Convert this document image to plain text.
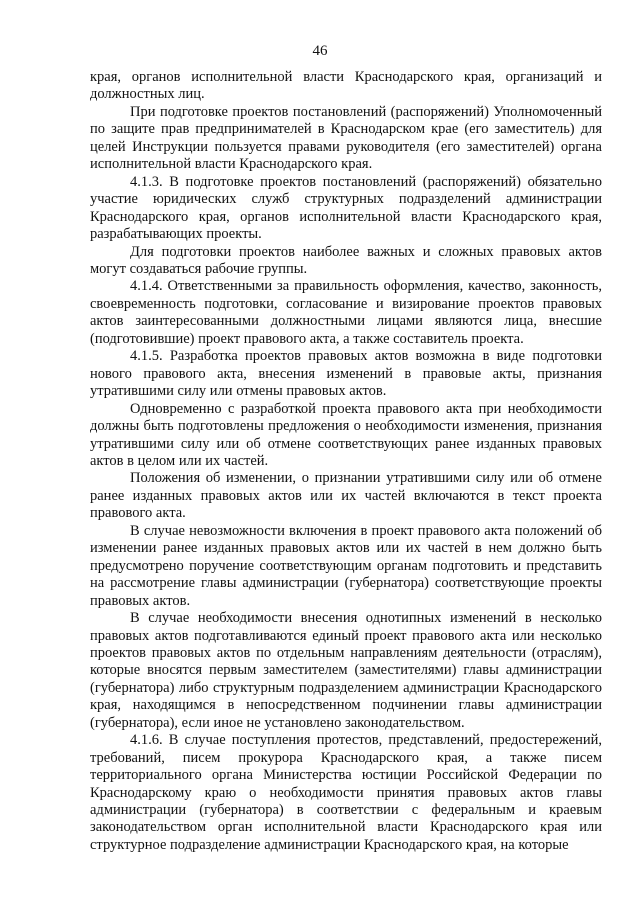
46

края, органов исполнительной власти Краснодарского края, организаций и должностных лиц.

При подготовке проектов постановлений (распоряжений) Уполномоченный по защите прав предпринимателей в Краснодарском крае (его заместитель) для целей Инструкции пользуется правами руководителя (его заместителей) органа исполнительной власти Краснодарского края.

4.1.3. В подготовке проектов постановлений (распоряжений) обязательно участие юридических служб структурных подразделений администрации Краснодарского края, органов исполнительной власти Краснодарского края, разрабатывающих проекты.

Для подготовки проектов наиболее важных и сложных правовых актов могут создаваться рабочие группы.

4.1.4. Ответственными за правильность оформления, качество, законность, своевременность подготовки, согласование и визирование проектов правовых актов заинтересованными должностными лицами являются лица, внесшие (подготовившие) проект правового акта, а также составитель проекта.

4.1.5. Разработка проектов правовых актов возможна в виде подготовки нового правового акта, внесения изменений в правовые акты, признания утратившими силу или отмены правовых актов.

Одновременно с разработкой проекта правового акта при необходимости должны быть подготовлены предложения о необходимости изменения, признания утратившими силу или об отмене соответствующих ранее изданных правовых актов в целом или их частей.

Положения об изменении, о признании утратившими силу или об отмене ранее изданных правовых актов или их частей включаются в текст проекта правового акта.

В случае невозможности включения в проект правового акта положений об изменении ранее изданных правовых актов или их частей в нем должно быть предусмотрено поручение соответствующим органам подготовить и представить на рассмотрение главы администрации (губернатора) соответствующие проекты правовых актов.

В случае необходимости внесения однотипных изменений в несколько правовых актов подготавливаются единый проект правового акта или несколько проектов правовых актов по отдельным направлениям деятельности (отраслям), которые вносятся первым заместителем (заместителями) главы администрации (губернатора) либо структурным подразделением администрации Краснодарского края, находящимся в непосредственном подчинении главы администрации (губернатора), если иное не установлено законодательством.

4.1.6. В случае поступления протестов, представлений, предостережений, требований, писем прокурора Краснодарского края, а также писем территориального органа Министерства юстиции Российской Федерации по Краснодарскому краю о необходимости принятия правовых актов главы администрации (губернатора) в соответствии с федеральным и краевым законодательством орган исполнительной власти Краснодарского края или структурное подразделение администрации Краснодарского края, на которые
